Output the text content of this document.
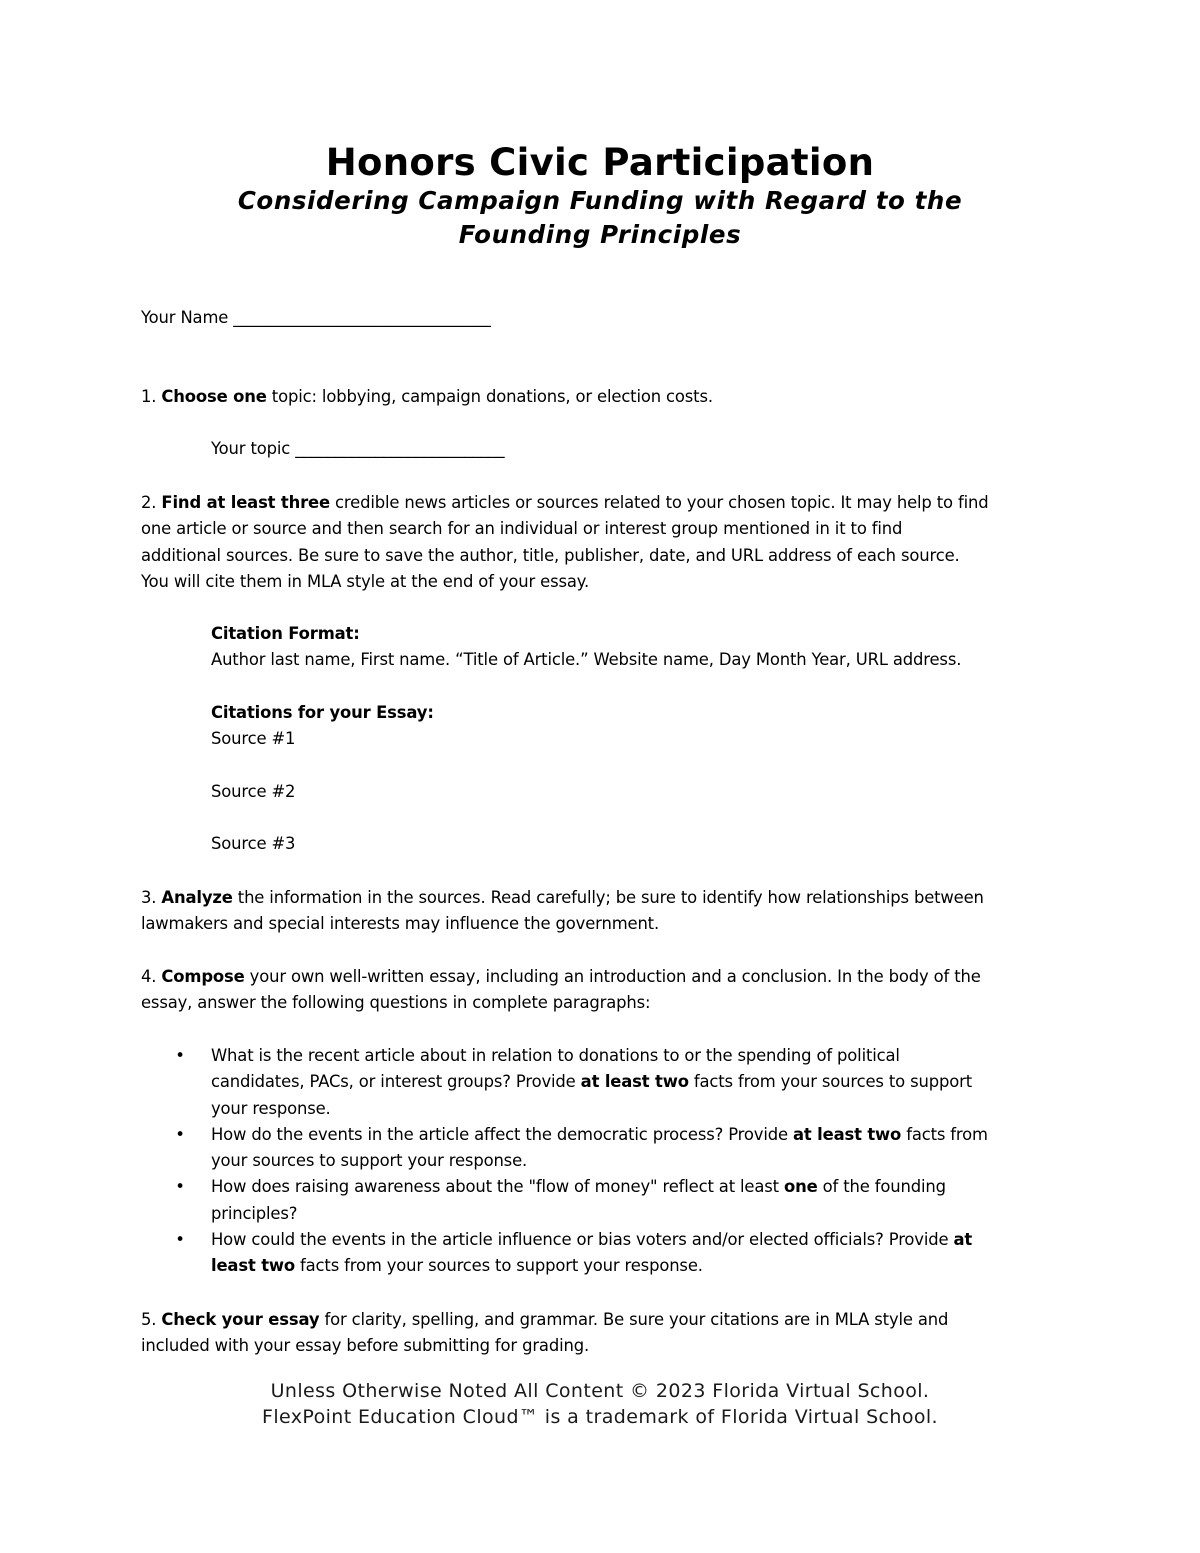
Honors Civic Participation
Considering Campaign Funding with Regard to the
Founding Principles
Your Name ________________________________
1. Choose one topic: lobbying, campaign donations, or election costs.
Your topic __________________________
2. Find at least three credible news articles or sources related to your chosen topic. It may help to find
one article or source and then search for an individual or interest group mentioned in it to find
additional sources. Be sure to save the author, title, publisher, date, and URL address of each source.
You will cite them in MLA style at the end of your essay.
Citation Format:
Author last name, First name. “Title of Article.” Website name, Day Month Year, URL address.
Citations for your Essay:
Source #1
Source #2
Source #3
3. Analyze the information in the sources. Read carefully; be sure to identify how relationships between
lawmakers and special interests may influence the government.
4. Compose your own well-written essay, including an introduction and a conclusion. In the body of the
essay, answer the following questions in complete paragraphs:
• What is the recent article about in relation to donations to or the spending of political
candidates, PACs, or interest groups? Provide at least two facts from your sources to support
your response.
• How do the events in the article affect the democratic process? Provide at least two facts from
your sources to support your response.
• How does raising awareness about the "flow of money" reflect at least one of the founding
principles?
• How could the events in the article influence or bias voters and/or elected officials? Provide at
least two facts from your sources to support your response.
5. Check your essay for clarity, spelling, and grammar. Be sure your citations are in MLA style and
included with your essay before submitting for grading.
Unless Otherwise Noted All Content © 2023 Florida Virtual School.
FlexPoint Education Cloud™ is a trademark of Florida Virtual School.
